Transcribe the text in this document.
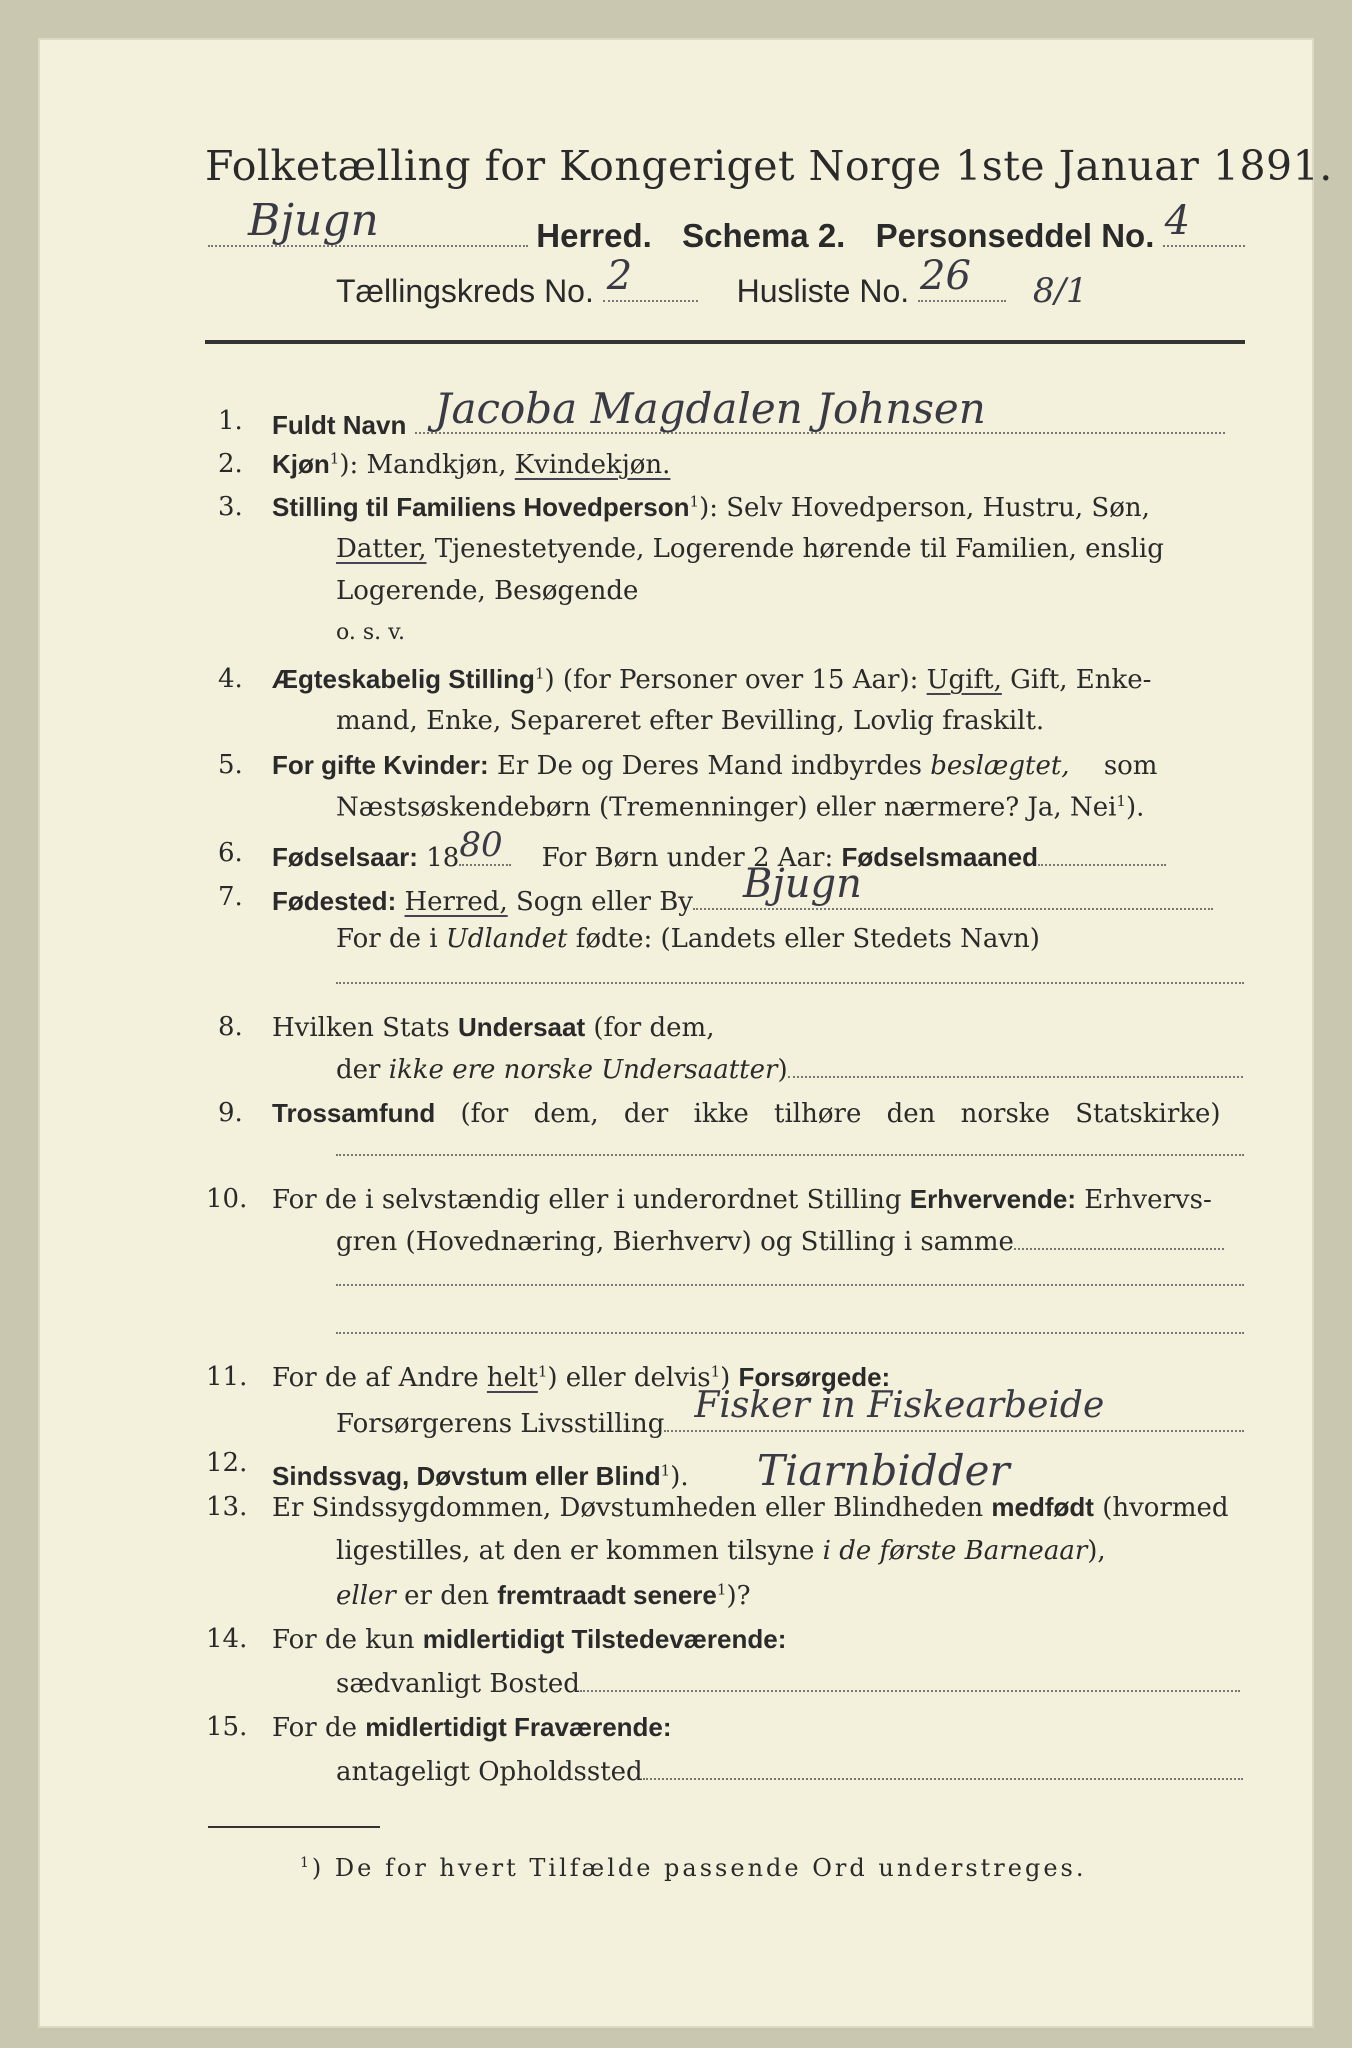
Folketælling for Kongeriget Norge 1ste Januar 1891.
Bjugn	Herred. Schema 2. Personseddel No. 4
Tællingskreds No. 2	Husliste No. 26 8/1
1. Fuldt Navn Jacoba Magdalen Johnsen
2. Kjøn$^1$): Mandkjøn, Kvindekjøn.
3. Stilling til Familiens Hovedperson$^1$): Selv Hovedperson, Hustru, Søn,
Datter, Tjenestetyende, Logerende hørende til Familien, enslig
Logerende, Besøgende
o. s. v.
4. Ægteskabelig Stilling$^1$) (for Personer over 15 Aar): Ugift, Gift, Enke-
mand, Enke, Separeret efter Bevilling, Lovlig fraskilt.
5. For gifte Kvinder: Er De og Deres Mand indbyrdes beslægtet, som
Næstsøskendebørn (Tremenninger) eller nærmere? Ja, Nei$^1$).
6. Fødselsaar: 18 80 For Børn under 2 Aar: Fødselsmaaned
7. Fødested: Herred, Sogn eller By Bjugn
For de i Udlandet fødte: (Landets eller Stedets Navn)
8. Hvilken Stats Undersaat (for dem,
der ikke ere norske Undersaatter)
9. Trossamfund (for dem, der ikke tilhøre den norske Statskirke)
10. For de i selvstændig eller i underordnet Stilling Erhvervende: Erhvervs-
gren (Hovednæring, Bierhverv) og Stilling i samme
11. For de af Andre helt$^1$) eller delvis$^1$) Forsørgede:
Forsørgerens Livsstilling Fisker in Fiskearbeide
12. Sindssvag, Døvstum eller Blind$^1$). Tiarnbidder
13. Er Sindssygdommen, Døvstumheden eller Blindheden medfødt (hvormed
ligestilles, at den er kommen tilsyne i de første Barneaar),
eller er den fremtraadt senere$^1$)?
14. For de kun midlertidigt Tilstedeværende:
sædvanligt Bosted
15. For de midlertidigt Fraværende:
antageligt Opholdssted
$^1$) De for hvert Tilfælde passende Ord understreges.
